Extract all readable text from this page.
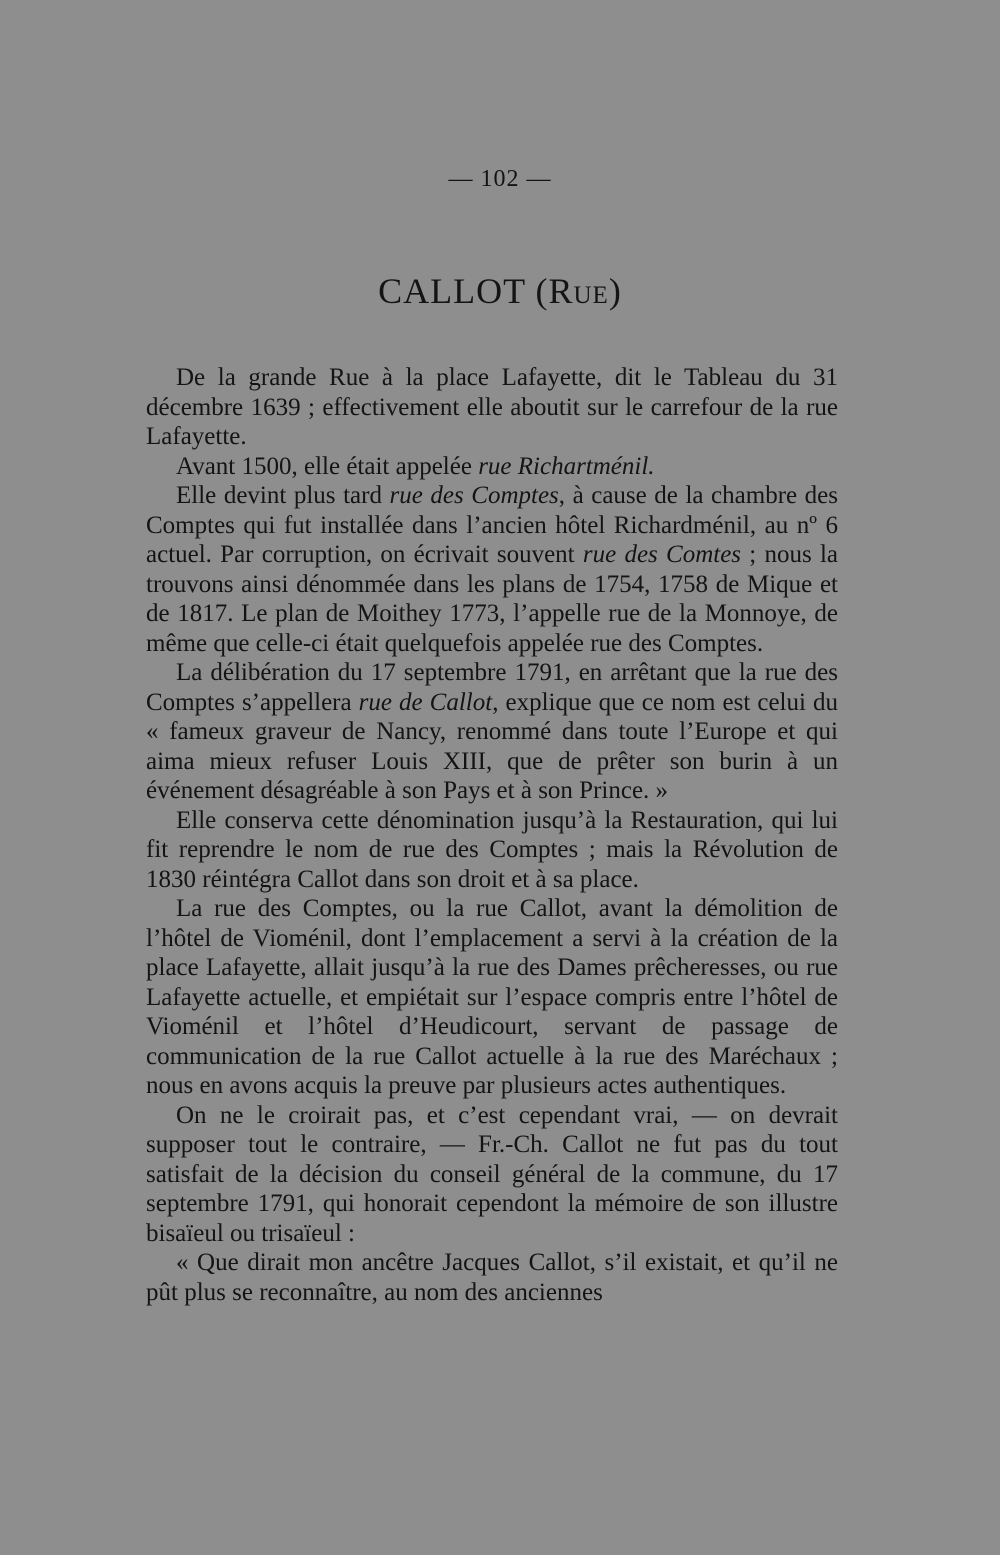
— 102 —
CALLOT (Rue)

De la grande Rue à la place Lafayette, dit le Tableau du 31 décembre 1639 ; effectivement elle aboutit sur le carrefour de la rue Lafayette.

Avant 1500, elle était appelée rue Richartménil.

Elle devint plus tard rue des Comptes, à cause de la chambre des Comptes qui fut installée dans l’ancien hôtel Richardménil, au nº 6 actuel. Par corruption, on écrivait souvent rue des Comtes ; nous la trouvons ainsi dénommée dans les plans de 1754, 1758 de Mique et de 1817. Le plan de Moithey 1773, l’appelle rue de la Monnoye, de même que celle-ci était quelquefois appelée rue des Comptes.

La délibération du 17 septembre 1791, en arrêtant que la rue des Comptes s’appellera rue de Callot, explique que ce nom est celui du « fameux graveur de Nancy, renommé dans toute l’Europe et qui aima mieux refuser Louis XIII, que de prêter son burin à un événement désagréable à son Pays et à son Prince. »

Elle conserva cette dénomination jusqu’à la Restauration, qui lui fit reprendre le nom de rue des Comptes ; mais la Révolution de 1830 réintégra Callot dans son droit et à sa place.

La rue des Comptes, ou la rue Callot, avant la démolition de l’hôtel de Vioménil, dont l’emplacement a servi à la création de la place Lafayette, allait jusqu’à la rue des Dames prêcheresses, ou rue Lafayette actuelle, et empiétait sur l’espace compris entre l’hôtel de Vioménil et l’hôtel d’Heudicourt, servant de passage de communication de la rue Callot actuelle à la rue des Maréchaux ; nous en avons acquis la preuve par plusieurs actes authentiques.

On ne le croirait pas, et c’est cependant vrai, — on devrait supposer tout le contraire, — Fr.-Ch. Callot ne fut pas du tout satisfait de la décision du conseil général de la commune, du 17 septembre 1791, qui honorait cependont la mémoire de son illustre bisaïeul ou trisaïeul :

« Que dirait mon ancêtre Jacques Callot, s’il existait, et qu’il ne pût plus se reconnaître, au nom des anciennes
